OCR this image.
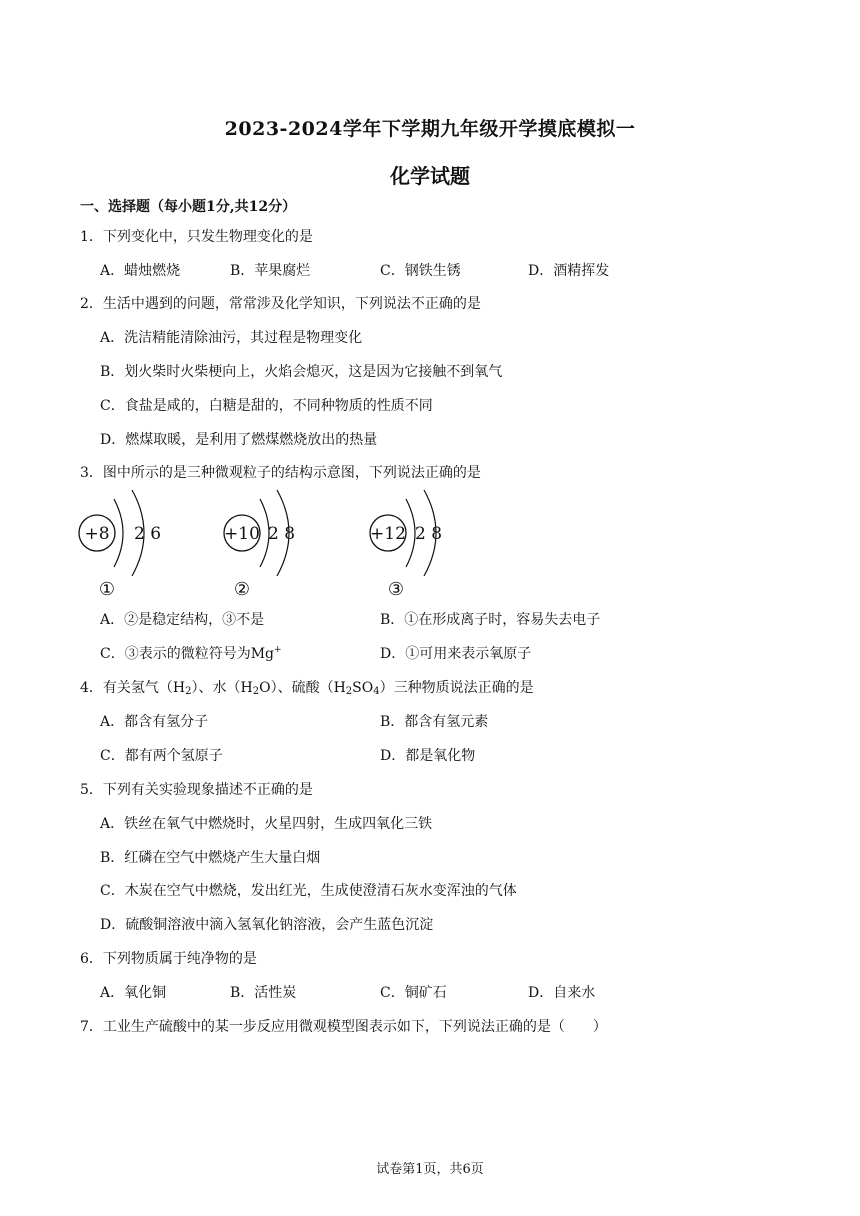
2023-2024学年下学期九年级开学摸底模拟一
化学试题
一、选择题（每小题1分,共12分）
1．下列变化中，只发生物理变化的是
A．蜡烛燃烧	B．苹果腐烂	C．钢铁生锈	D．酒精挥发
2．生活中遇到的问题，常常涉及化学知识，下列说法不正确的是
A．洗洁精能清除油污，其过程是物理变化
B．划火柴时火柴梗向上，火焰会熄灭，这是因为它接触不到氧气
C．食盐是咸的，白糖是甜的，不同种物质的性质不同
D．燃煤取暖，是利用了燃煤燃烧放出的热量
3．图中所示的是三种微观粒子的结构示意图，下列说法正确的是
+8 2 6
①
+10 2 8
②
+12 2 8
③
A．②是稳定结构，③不是	B．①在形成离子时，容易失去电子
C．③表示的微粒符号为Mg+	D．①可用来表示氧原子
4．有关氢气$(H_2)$、水$(H_2O)$、硫酸$(H_2SO_4)$三种物质说法正确的是
A．都含有氢分子	B．都含有氢元素
C．都有两个氢原子	D．都是氧化物
5．下列有关实验现象描述不正确的是
A．铁丝在氧气中燃烧时，火星四射，生成四氧化三铁
B．红磷在空气中燃烧产生大量白烟
C．木炭在空气中燃烧，发出红光，生成使澄清石灰水变浑浊的气体
D．硫酸铜溶液中滴入氢氧化钠溶液，会产生蓝色沉淀
6．下列物质属于纯净物的是
A．氧化铜	B．活性炭	C．铜矿石	D．自来水
7．工业生产硫酸中的某一步反应用微观模型图表示如下，下列说法正确的是（　　）
试卷第1页，共6页
